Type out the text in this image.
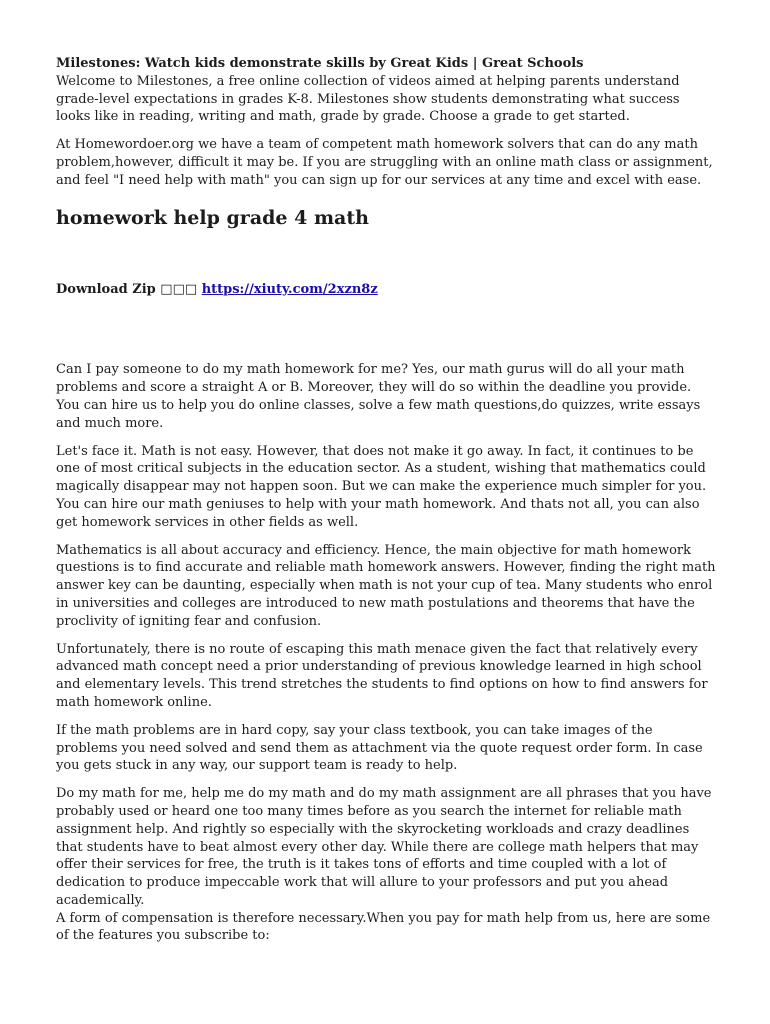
Milestones: Watch kids demonstrate skills by Great Kids | Great Schools

Welcome to Milestones, a free online collection of videos aimed at helping parents understand grade-level expectations in grades K-8. Milestones show students demonstrating what success looks like in reading, writing and math, grade by grade. Choose a grade to get started.

At Homewordoer.org we have a team of competent math homework solvers that can do any math problem,however, difficult it may be. If you are struggling with an online math class or assignment, and feel "I need help with math" you can sign up for our services at any time and excel with ease.

homework help grade 4 math

Download Zip □□□ https://xiuty.com/2xzn8z

Can I pay someone to do my math homework for me? Yes, our math gurus will do all your math problems and score a straight A or B. Moreover, they will do so within the deadline you provide. You can hire us to help you do online classes, solve a few math questions,do quizzes, write essays and much more.

Let's face it. Math is not easy. However, that does not make it go away. In fact, it continues to be one of most critical subjects in the education sector. As a student, wishing that mathematics could magically disappear may not happen soon. But we can make the experience much simpler for you. You can hire our math geniuses to help with your math homework. And thats not all, you can also get homework services in other fields as well.

Mathematics is all about accuracy and efficiency. Hence, the main objective for math homework questions is to find accurate and reliable math homework answers. However, finding the right math answer key can be daunting, especially when math is not your cup of tea. Many students who enrol in universities and colleges are introduced to new math postulations and theorems that have the proclivity of igniting fear and confusion.

Unfortunately, there is no route of escaping this math menace given the fact that relatively every advanced math concept need a prior understanding of previous knowledge learned in high school and elementary levels. This trend stretches the students to find options on how to find answers for math homework online.

If the math problems are in hard copy, say your class textbook, you can take images of the problems you need solved and send them as attachment via the quote request order form. In case you gets stuck in any way, our support team is ready to help.

Do my math for me, help me do my math and do my math assignment are all phrases that you have probably used or heard one too many times before as you search the internet for reliable math assignment help. And rightly so especially with the skyrocketing workloads and crazy deadlines that students have to beat almost every other day. While there are college math helpers that may offer their services for free, the truth is it takes tons of efforts and time coupled with a lot of dedication to produce impeccable work that will allure to your professors and put you ahead academically.

A form of compensation is therefore necessary.When you pay for math help from us, here are some of the features you subscribe to:
